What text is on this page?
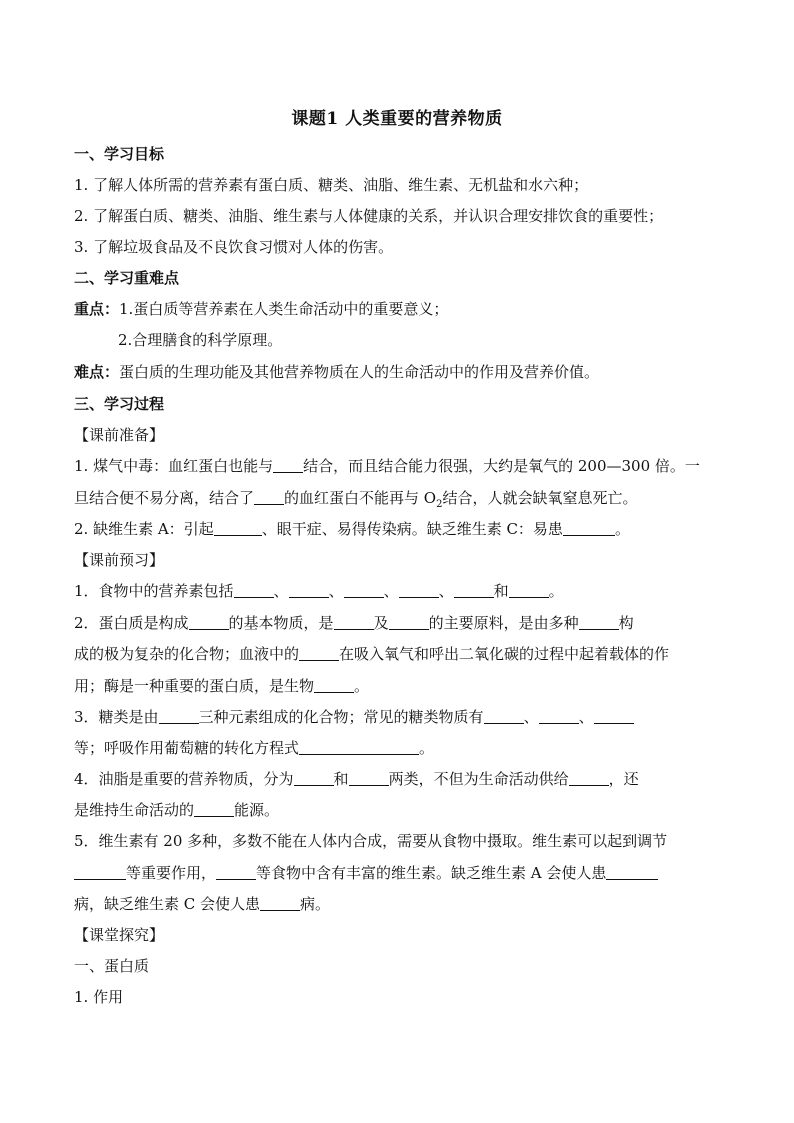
课题1 人类重要的营养物质
一、学习目标
1. 了解人体所需的营养素有蛋白质、糖类、油脂、维生素、无机盐和水六种；
2. 了解蛋白质、糖类、油脂、维生素与人体健康的关系，并认识合理安排饮食的重要性；
3. 了解垃圾食品及不良饮食习惯对人体的伤害。
二、学习重难点
重点：1.蛋白质等营养素在人类生命活动中的重要意义；
2.合理膳食的科学原理。
难点：蛋白质的生理功能及其他营养物质在人的生命活动中的作用及营养价值。
三、学习过程
【课前准备】
1. 煤气中毒：血红蛋白也能与 结合，而且结合能力很强，大约是氧气的 200—300 倍。一
旦结合便不易分离，结合了 的血红蛋白不能再与 $O_2$结合，人就会缺氧窒息死亡。
2. 缺维生素 A：引起	、眼干症、易得传染病。缺乏维生素 C：易患	。
【课前预习】
1．食物中的营养素包括	、	、	、	、	和	。
2．蛋白质是构成	的基本物质，是	及	的主要原料，是由多种	构
成的极为复杂的化合物；血液中的	在吸入氧气和呼出二氧化碳的过程中起着载体的作
用；酶是一种重要的蛋白质，是生物	。
3．糖类是由	三种元素组成的化合物；常见的糖类物质有	、	、
等；呼吸作用葡萄糖的转化方程式	。
4．油脂是重要的营养物质，分为	和	两类，不但为生命活动供给	，还
是维持生命活动的	能源。
5．维生素有 20 多种，多数不能在人体内合成，需要从食物中摄取。维生素可以起到调节
等重要作用，	等食物中含有丰富的维生素。缺乏维生素 A 会使人患
病，缺乏维生素 C 会使人患	病。
【课堂探究】
一、蛋白质
1. 作用
